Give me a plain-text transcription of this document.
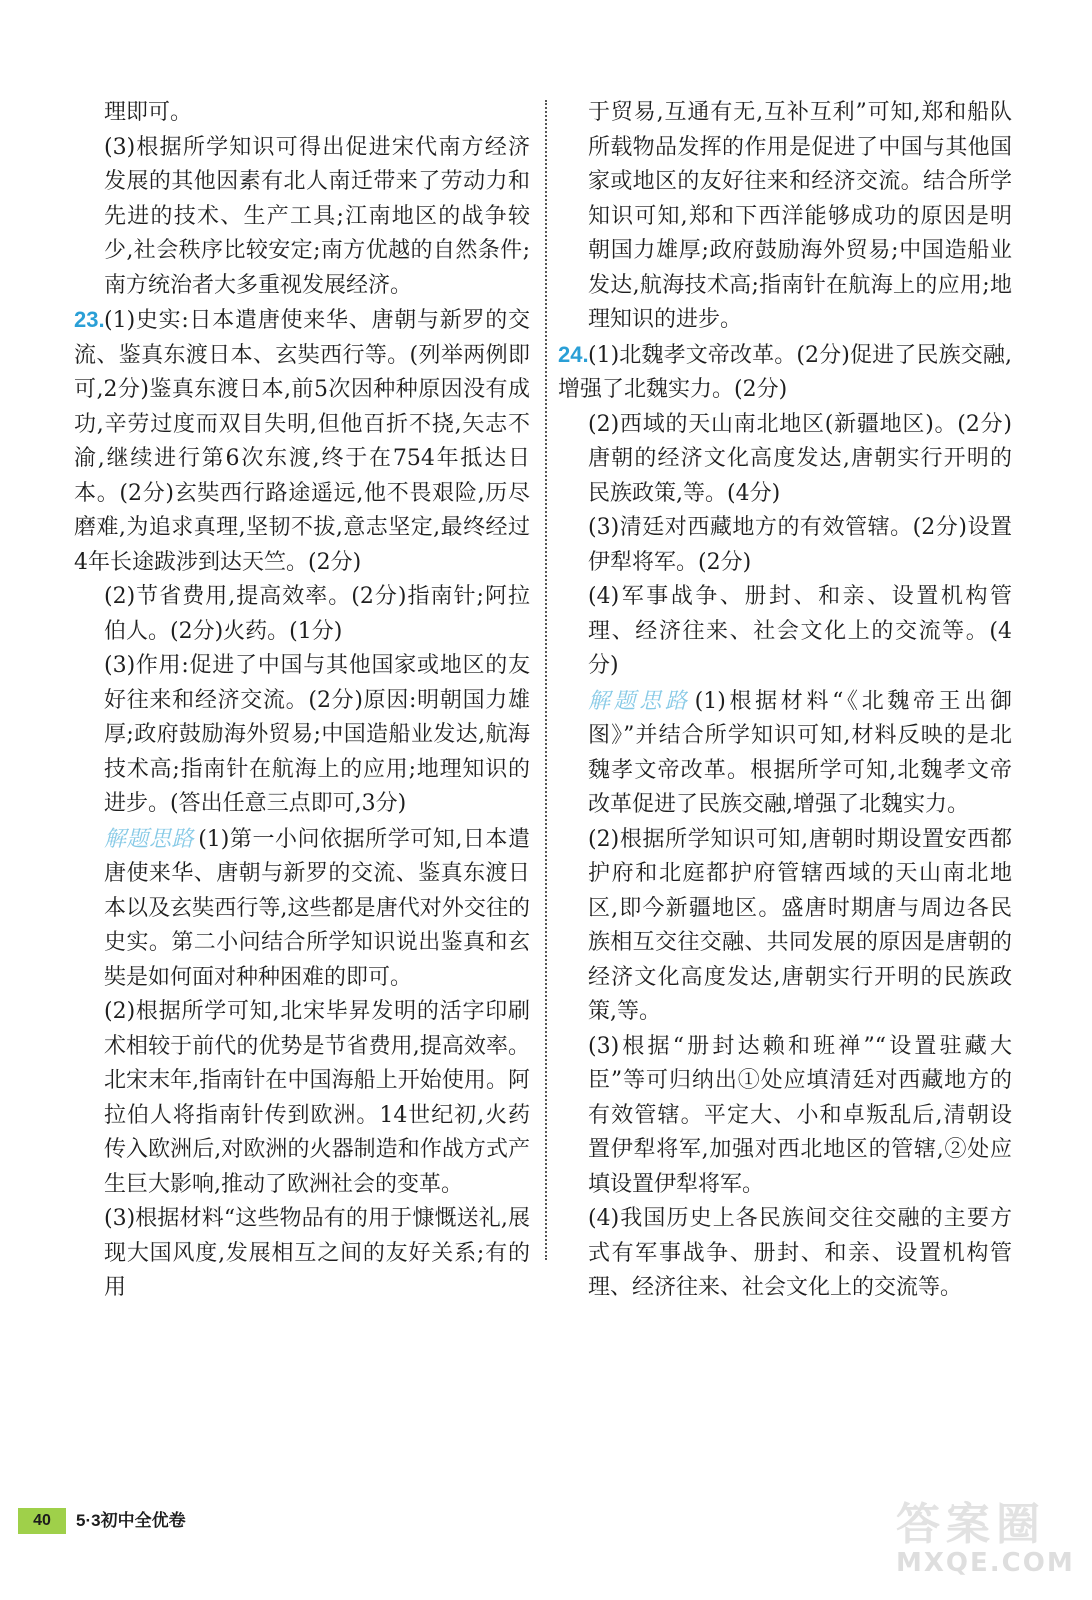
理即可。

(3)根据所学知识可得出促进宋代南方经济发展的其他因素有北人南迁带来了劳动力和先进的技术、生产工具;江南地区的战争较少,社会秩序比较安定;南方优越的自然条件;南方统治者大多重视发展经济。

23.(1)史实:日本遣唐使来华、唐朝与新罗的交流、鉴真东渡日本、玄奘西行等。(列举两例即可,2分)鉴真东渡日本,前5次因种种原因没有成功,辛劳过度而双目失明,但他百折不挠,矢志不渝,继续进行第6次东渡,终于在754年抵达日本。(2分)玄奘西行路途遥远,他不畏艰险,历尽磨难,为追求真理,坚韧不拔,意志坚定,最终经过4年长途跋涉到达天竺。(2分)

(2)节省费用,提高效率。(2分)指南针;阿拉伯人。(2分)火药。(1分)

(3)作用:促进了中国与其他国家或地区的友好往来和经济交流。(2分)原因:明朝国力雄厚;政府鼓励海外贸易;中国造船业发达,航海技术高;指南针在航海上的应用;地理知识的进步。(答出任意三点即可,3分)

解题思路 (1)第一小问依据所学可知,日本遣唐使来华、唐朝与新罗的交流、鉴真东渡日本以及玄奘西行等,这些都是唐代对外交往的史实。第二小问结合所学知识说出鉴真和玄奘是如何面对种种困难的即可。

(2)根据所学可知,北宋毕昇发明的活字印刷术相较于前代的优势是节省费用,提高效率。北宋末年,指南针在中国海船上开始使用。阿拉伯人将指南针传到欧洲。14世纪初,火药传入欧洲后,对欧洲的火器制造和作战方式产生巨大影响,推动了欧洲社会的变革。

(3)根据材料“这些物品有的用于慷慨送礼,展现大国风度,发展相互之间的友好关系;有的用

于贸易,互通有无,互补互利”可知,郑和船队所载物品发挥的作用是促进了中国与其他国家或地区的友好往来和经济交流。结合所学知识可知,郑和下西洋能够成功的原因是明朝国力雄厚;政府鼓励海外贸易;中国造船业发达,航海技术高;指南针在航海上的应用;地理知识的进步。

24.(1)北魏孝文帝改革。(2分)促进了民族交融,增强了北魏实力。(2分)

(2)西域的天山南北地区(新疆地区)。(2分)唐朝的经济文化高度发达,唐朝实行开明的民族政策,等。(4分)

(3)清廷对西藏地方的有效管辖。(2分)设置伊犁将军。(2分)

(4)军事战争、册封、和亲、设置机构管理、经济往来、社会文化上的交流等。(4分)

解题思路 (1)根据材料“《北魏帝王出御图》”并结合所学知识可知,材料反映的是北魏孝文帝改革。根据所学可知,北魏孝文帝改革促进了民族交融,增强了北魏实力。

(2)根据所学知识可知,唐朝时期设置安西都护府和北庭都护府管辖西域的天山南北地区,即今新疆地区。盛唐时期唐与周边各民族相互交往交融、共同发展的原因是唐朝的经济文化高度发达,唐朝实行开明的民族政策,等。

(3)根据“册封达赖和班禅”“设置驻藏大臣”等可归纳出①处应填清廷对西藏地方的有效管辖。平定大、小和卓叛乱后,清朝设置伊犁将军,加强对西北地区的管辖,②处应填设置伊犁将军。

(4)我国历史上各民族间交往交融的主要方式有军事战争、册封、和亲、设置机构管理、经济往来、社会文化上的交流等。

40	5·3初中全优卷	答案圈
MXQE.COM
